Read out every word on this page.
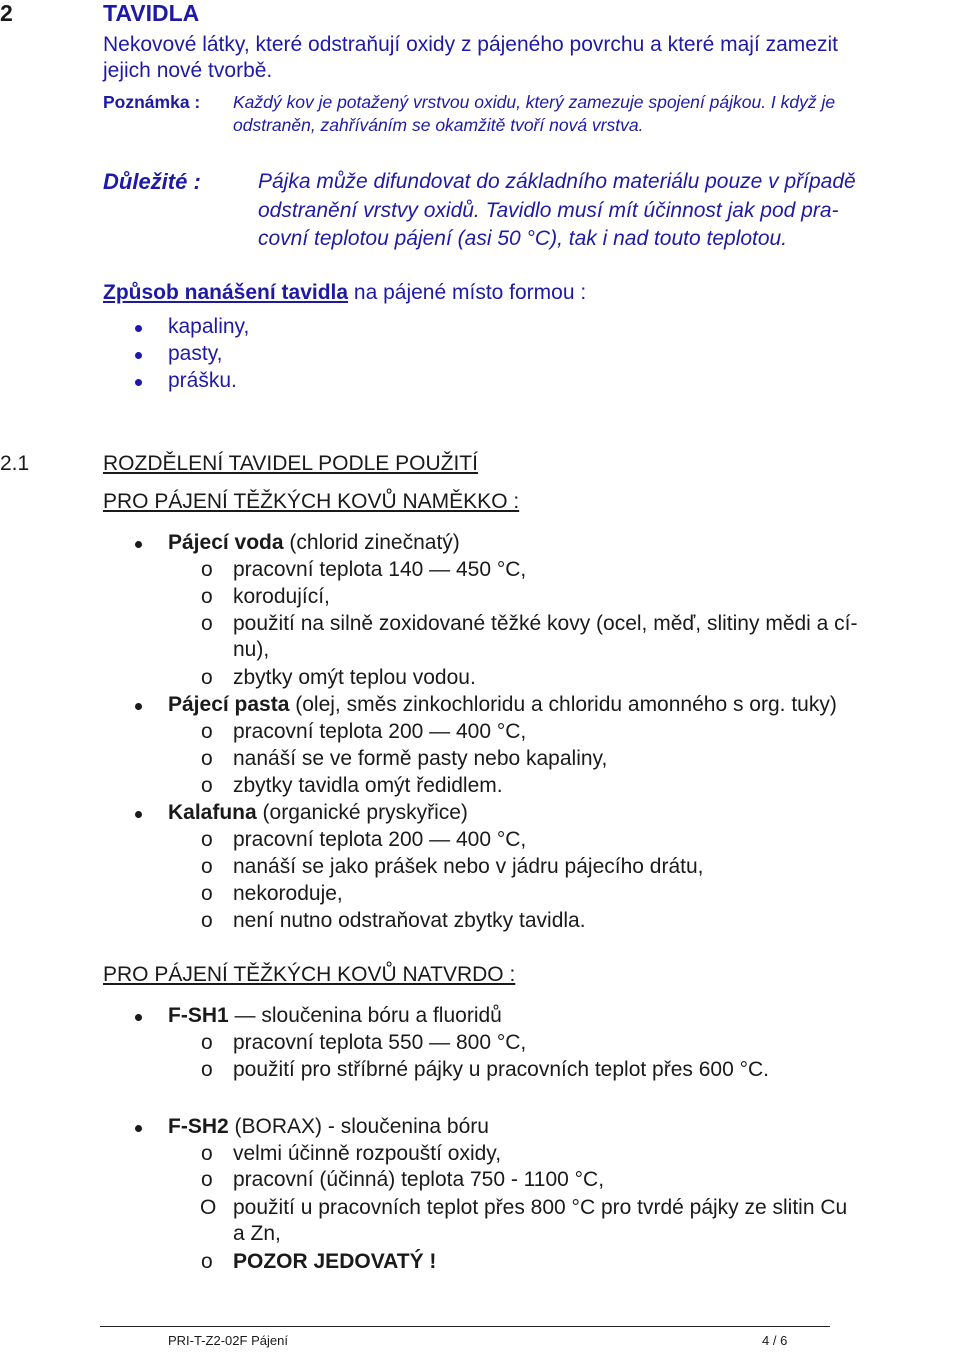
2	TAVIDLA
Nekovové látky, které odstraňují oxidy z pájeného povrchu a které mají zamezit
jejich nové tvorbě.
Poznámka : Každý kov je potažený vrstvou oxidu, který zamezuje spojení pájkou. I když je
odstraněn, zahříváním se okamžitě tvoří nová vrstva.
Důležité :	Pájka může difundovat do základního materiálu pouze v případě
odstranění vrstvy oxidů. Tavidlo musí mít účinnost jak pod pra-
covní teplotou pájení (asi 50 °C), tak i nad touto teplotou.
Způsob nanášení tavidla na pájené místo formou :
kapaliny,
pasty,
prášku.
2.1	ROZDĚLENÍ TAVIDEL PODLE POUŽITÍ
PRO PÁJENÍ TĚŽKÝCH KOVŮ NAMĚKKO :
Pájecí voda (chlorid zinečnatý)
o pracovní teplota 140 — 450 °C,
o korodující,
o použití na silně zoxidované těžké kovy (ocel, měď, slitiny mědi a cí-
nu),
o zbytky omýt teplou vodou.
Pájecí pasta (olej, směs zinkochloridu a chloridu amonného s org. tuky)
o pracovní teplota 200 — 400 °C,
o nanáší se ve formě pasty nebo kapaliny,
o zbytky tavidla omýt ředidlem.
Kalafuna (organické pryskyřice)
o pracovní teplota 200 — 400 °C,
o nanáší se jako prášek nebo v jádru pájecího drátu,
o nekoroduje,
o není nutno odstraňovat zbytky tavidla.
PRO PÁJENÍ TĚŽKÝCH KOVŮ NATVRDO :
F-SH1 — sloučenina bóru a fluoridů
o pracovní teplota 550 — 800 °C,
o použití pro stříbrné pájky u pracovních teplot přes 600 °C.
F-SH2 (BORAX) - sloučenina bóru
o velmi účinně rozpouští oxidy,
o pracovní (účinná) teplota 750 - 1100 °C,
O použití u pracovních teplot přes 800 °C pro tvrdé pájky ze slitin Cu
a Zn,
o POZOR JEDOVATÝ !
PRI-T-Z2-02F Pájení	4 / 6
